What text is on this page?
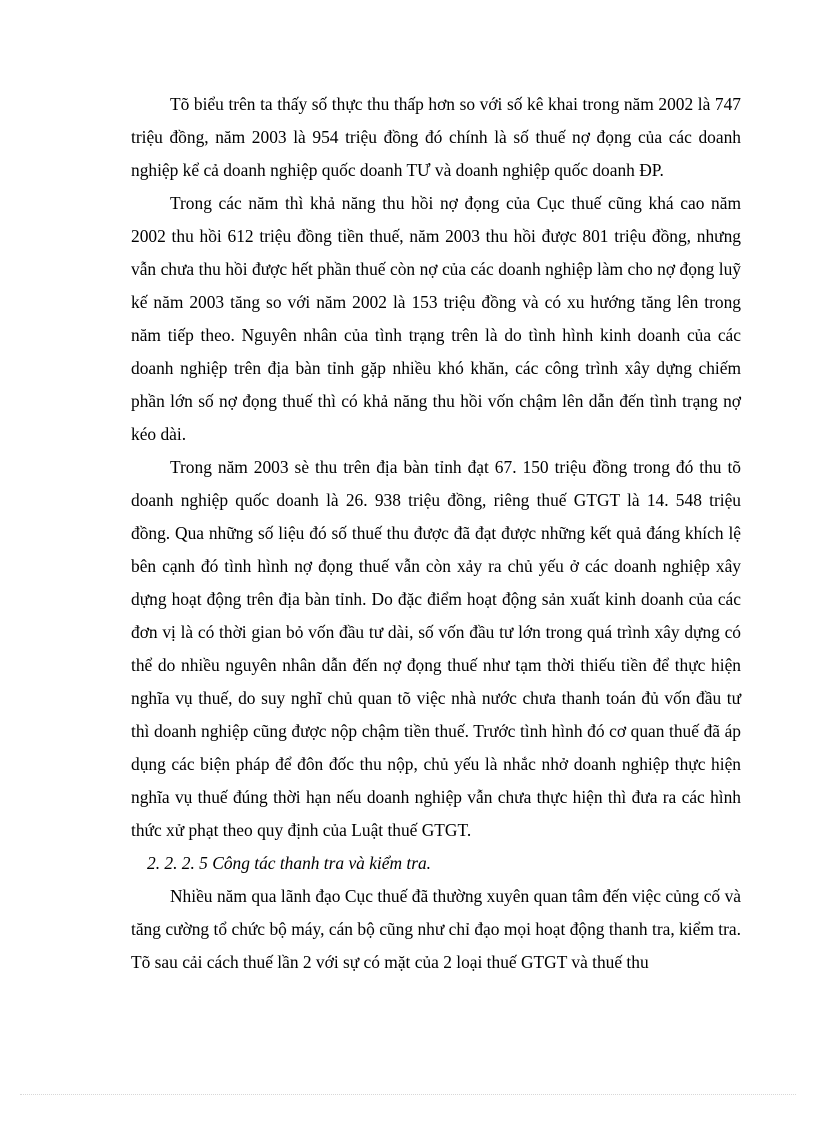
Tõ biểu trên ta thấy số thực thu thấp hơn so với số kê khai trong năm 2002 là 747 triệu đồng, năm 2003 là 954 triệu đồng đó chính là số thuế nợ đọng của các doanh nghiệp kể cả doanh nghiệp quốc doanh TƯ và doanh nghiệp quốc doanh ĐP.

Trong các năm thì khả năng thu hồi nợ đọng của Cục thuế cũng khá cao năm 2002 thu hồi 612 triệu đồng tiền thuế, năm 2003 thu hồi được 801 triệu đồng, nhưng vẫn chưa thu hồi được hết phần thuế còn nợ của các doanh nghiệp làm cho nợ đọng luỹ kế năm 2003 tăng so với năm 2002 là 153 triệu đồng và có xu hướng tăng lên trong năm tiếp theo. Nguyên nhân của tình trạng trên là do tình hình kinh doanh của các doanh nghiệp trên địa bàn tỉnh gặp nhiều khó khăn, các công trình xây dựng chiếm phần lớn số nợ đọng thuế thì có khả năng thu hồi vốn chậm lên dẫn đến tình trạng nợ kéo dài.

Trong năm 2003 sè thu trên địa bàn tỉnh đạt 67. 150 triệu đồng trong đó thu tõ doanh nghiệp quốc doanh là 26. 938 triệu đồng, riêng thuế GTGT là 14. 548 triệu đồng. Qua những số liệu đó số thuế thu được đã đạt được những kết quả đáng khích lệ bên cạnh đó tình hình nợ đọng thuế vẫn còn xảy ra chủ yếu ở các doanh nghiệp xây dựng hoạt động trên địa bàn tỉnh. Do đặc điểm hoạt động sản xuất kinh doanh của các đơn vị là có thời gian bỏ vốn đầu tư dài, số vốn đầu tư lớn trong quá trình xây dựng có thể do nhiều nguyên nhân dẫn đến nợ đọng thuế như tạm thời thiếu tiền để thực hiện nghĩa vụ thuế, do suy nghĩ chủ quan tõ việc nhà nước chưa thanh toán đủ vốn đầu tư thì doanh nghiệp cũng được nộp chậm tiền thuế. Trước tình hình đó cơ quan thuế đã áp dụng các biện pháp để đôn đốc thu nộp, chủ yếu là nhắc nhở doanh nghiệp thực hiện nghĩa vụ thuế đúng thời hạn nếu doanh nghiệp vẫn chưa thực hiện thì đưa ra các hình thức xử phạt theo quy định của Luật thuế GTGT.

2. 2. 2. 5 Công tác thanh tra và kiểm tra.

Nhiều năm qua lãnh đạo Cục thuế đã thường xuyên quan tâm đến việc củng cố và tăng cường tổ chức bộ máy, cán bộ cũng như chỉ đạo mọi hoạt động thanh tra, kiểm tra. Tõ sau cải cách thuế lần 2 với sự có mặt của 2 loại thuế GTGT và thuế thu
